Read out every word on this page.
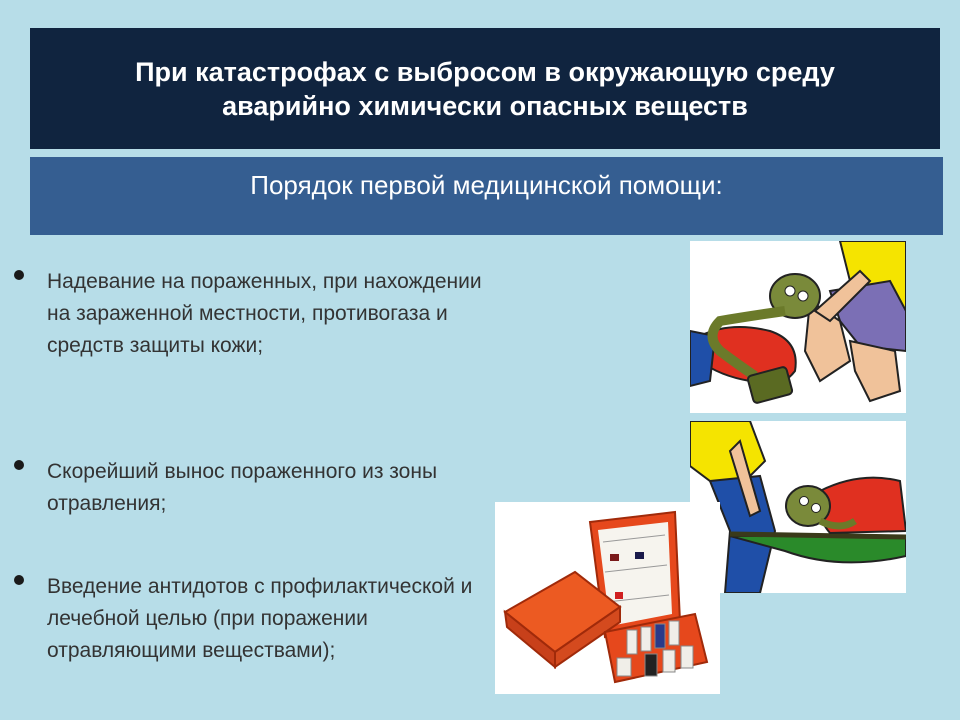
При катастрофах с выбросом в окружающую среду
аварийно химически опасных веществ
Порядок первой медицинской помощи:
Надевание на пораженных, при нахождении на зараженной местности, противогаза и средств защиты кожи;
Скорейший вынос пораженного из зоны отравления;
Введение антидотов с профилактической и лечебной целью (при поражении отравляющими веществами);
